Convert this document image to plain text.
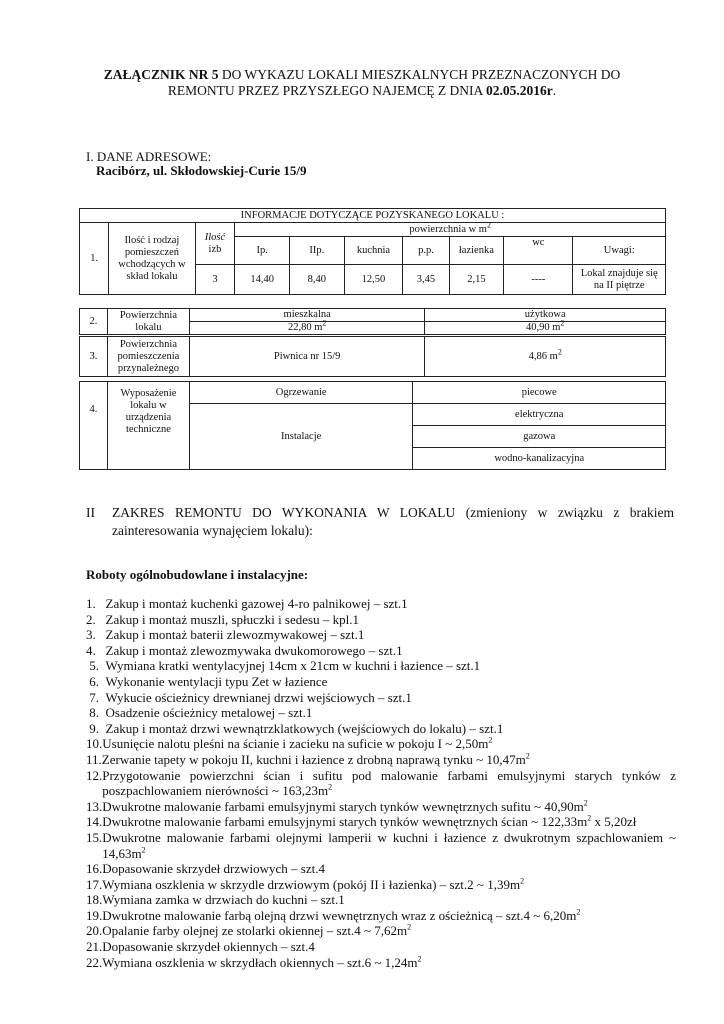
ZAŁĄCZNIK NR 5 DO WYKAZU LOKALI MIESZKALNYCH PRZEZNACZONYCH DO
REMONTU PRZEZ PRZYSZŁEGO NAJEMCĘ Z DNIA 02.05.2016r.
I. DANE ADRESOWE:
Racibórz, ul. Skłodowskiej-Curie 15/9
INFORMACJE DOTYCZĄCE POZYSKANEGO LOKALU :									
1.	Ilość i rodzaj pomieszczeń wchodzących w skład lokalu	Ilość
izb	powierzchnia w $m^2$
			Ip.	IIp.	kuchnia	p.p.	łazienka	wc	Uwagi:
		3	14,40	8,40	12,50	3,45	2,15	----	Lokal znajduje się na II piętrze
2.	Powierzchnia lokalu	mieszkalna	użytkowa
		22,80 $m^2$	40,90 $m^2$
3.	Powierzchnia pomieszczenia przynależnego	Piwnica nr 15/9	4,86 $m^2$
4.	Wyposażenie lokalu w urządzenia techniczne	Ogrzewanie	piecowe
		Instalacje	elektryczna
			gazowa
			wodno-kanalizacyjna
II ZAKRES REMONTU DO WYKONANIA W LOKALU (zmieniony w związku z brakiem zainteresowania wynajęciem lokalu):
Roboty ogólnobudowlane i instalacyjne:
1. Zakup i montaż kuchenki gazowej 4-ro palnikowej – szt.1
2. Zakup i montaż muszli, spłuczki i sedesu – kpl.1
3. Zakup i montaż baterii zlewozmywakowej – szt.1
4. Zakup i montaż zlewozmywaka dwukomorowego – szt.1
5. Wymiana kratki wentylacyjnej 14cm x 21cm w kuchni i łazience – szt.1
6. Wykonanie wentylacji typu Zet w łazience
7. Wykucie ościeżnicy drewnianej drzwi wejściowych – szt.1
8. Osadzenie ościeżnicy metalowej – szt.1
9. Zakup i montaż drzwi wewnątrzklatkowych (wejściowych do lokalu) – szt.1
10. Usunięcie nalotu pleśni na ścianie i zacieku na suficie w pokoju I ~ $2,50m^2$
11. Zerwanie tapety w pokoju II, kuchni i łazience z drobną naprawą tynku ~ $10,47m^2$
12. Przygotowanie powierzchni ścian i sufitu pod malowanie farbami emulsyjnymi starych tynków z poszpachlowaniem nierówności ~ $163,23m^2$
13. Dwukrotne malowanie farbami emulsyjnymi starych tynków wewnętrznych sufitu ~ $40,90m^2$
14. Dwukrotne malowanie farbami emulsyjnymi starych tynków wewnętrznych ścian ~ $122,33m^2$ x 5,20zł
15. Dwukrotne malowanie farbami olejnymi lamperii w kuchni i łazience z dwukrotnym szpachlowaniem ~ $14,63m^2$
16. Dopasowanie skrzydeł drzwiowych – szt.4
17. Wymiana oszklenia w skrzydle drzwiowym (pokój II i łazienka) – szt.2 ~ $1,39m^2$
18. Wymiana zamka w drzwiach do kuchni – szt.1
19. Dwukrotne malowanie farbą olejną drzwi wewnętrznych wraz z ościeżnicą – szt.4 ~ $6,20m^2$
20. Opalanie farby olejnej ze stolarki okiennej – szt.4 ~ $7,62m^2$
21. Dopasowanie skrzydeł okiennych – szt.4
22. Wymiana oszklenia w skrzydłach okiennych – szt.6 ~ $1,24m^2$
